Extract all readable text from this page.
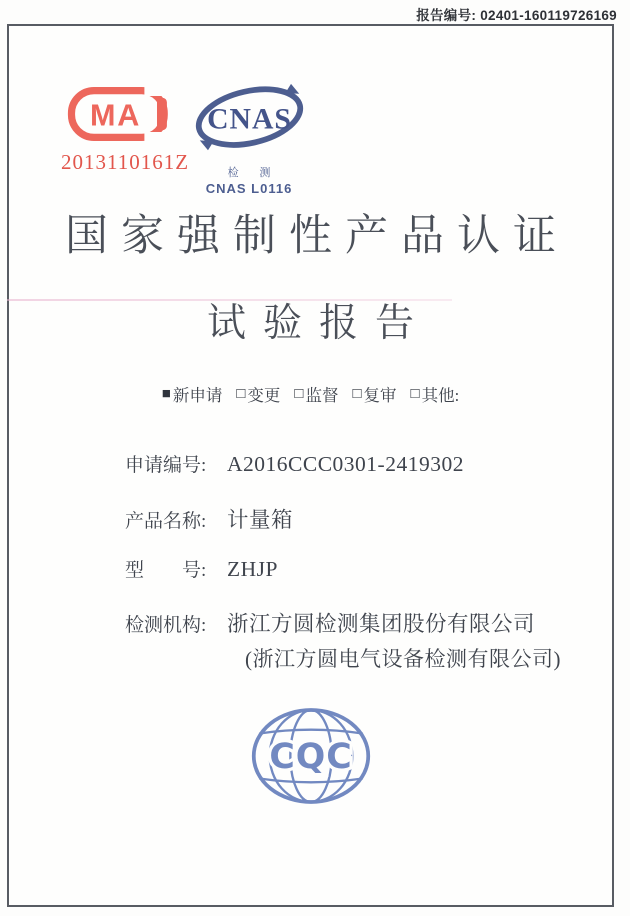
报告编号: 02401-160119726169
MA
2013110161Z
CNAS
检 测
CNAS L0116
国家强制性产品认证
试验报告
■ 新申请 □ 变更 □ 监督 □ 复审 □ 其他:
申请编号: A2016CCC0301-2419302
产品名称: 计量箱
型　　号: ZHJP
检测机构: 浙江方圆检测集团股份有限公司
(浙江方圆电气设备检测有限公司)
CQC
